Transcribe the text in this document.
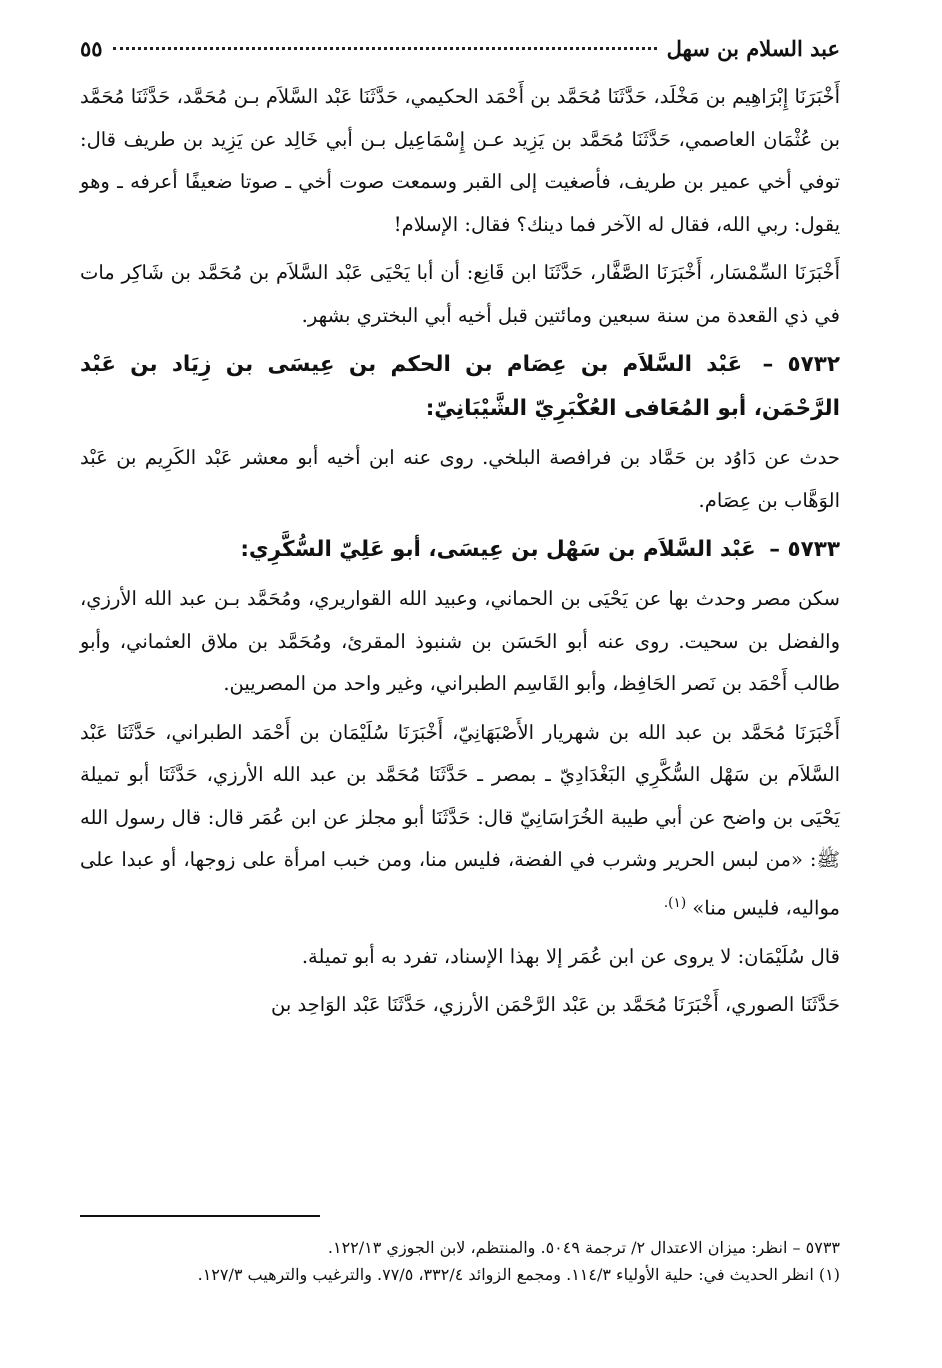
عبد السلام بن سهل
٥٥

أَخْبَرَنَا إِبْرَاهِيم بن مَخْلَد، حَدَّثَنَا مُحَمَّد بن أَحْمَد الحكيمي، حَدَّثَنَا عَبْد السَّلاَم بـن مُحَمَّد، حَدَّثَنَا مُحَمَّد بن عُثْمَان العاصمي، حَدَّثَنَا مُحَمَّد بن يَزِيد عـن إِسْمَاعِيل بـن أبي خَالِد عن يَزِيد بن طريف قال: توفي أخي عمير بن طريف، فأصغيت إلى القبر وسمعت صوت أخي ـ صوتا ضعيفًا أعرفه ـ وهو يقول: ربي الله، فقال له الآخر فما دينك؟ فقال: الإسلام!

أَخْبَرَنَا السِّمْسَار، أَخْبَرَنَا الصَّفَّار، حَدَّثَنَا ابن قَانِع: أن أبا يَحْيَى عَبْد السَّلاَم بن مُحَمَّد بن شَاكِر مات في ذي القعدة من سنة سبعين ومائتين قبل أخيه أبي البختري بشهر.

٥٧٣٢ – عَبْد السَّلاَم بن عِصَام بن الحكم بن عِيسَى بن زِيَاد بن عَبْد الرَّحْمَن، أبو المُعَافى العُكْبَرِيّ الشَّيْبَانِيّ:

حدث عن دَاوُد بن حَمَّاد بن فرافصة البلخي. روى عنه ابن أخيه أبو معشر عَبْد الكَرِيم بن عَبْد الوَهَّاب بن عِصَام.

٥٧٣٣ – عَبْد السَّلاَم بن سَهْل بن عِيسَى، أبو عَلِيّ السُّكَّرِي:

سكن مصر وحدث بها عن يَحْيَى بن الحماني، وعبيد الله القواريري، ومُحَمَّد بـن عبد الله الأرزي، والفضل بن سحيت. روى عنه أبو الحَسَن بن شنبوذ المقرئ، ومُحَمَّد بن ملاق العثماني، وأبو طالب أَحْمَد بن نَصر الحَافِظ، وأبو القَاسِم الطبراني، وغير واحد من المصريين.

أَخْبَرَنَا مُحَمَّد بن عبد الله بن شهريار الأَصْبَهَانِيّ، أَخْبَرَنَا سُلَيْمَان بن أَحْمَد الطبراني، حَدَّثَنَا عَبْد السَّلاَم بن سَهْل السُّكَّرِي البَغْدَادِيّ ـ بمصر ـ حَدَّثَنَا مُحَمَّد بن عبد الله الأرزي، حَدَّثَنَا أبو تميلة يَحْيَى بن واضح عن أبي طيبة الخُرَاسَانِيّ قال: حَدَّثَنَا أبو مجلز عن ابن عُمَر قال: قال رسول الله ﷺ: «من لبس الحرير وشرب في الفضة، فليس منا، ومن خبب امرأة على زوجها، أو عبدا على مواليه، فليس منا» $^{(١).}$

قال سُلَيْمَان: لا يروى عن ابن عُمَر إلا بهذا الإسناد، تفرد به أبو تميلة.

حَدَّثَنَا الصوري، أَخْبَرَنَا مُحَمَّد بن عَبْد الرَّحْمَن الأرزي، حَدَّثَنَا عَبْد الوَاحِد بن

٥٧٣٣ – انظر: ميزان الاعتدال ٢/ ترجمة ٥٠٤٩. والمنتظم، لابن الجوزي ١٢٢/١٣.

(١) انظر الحديث في: حلية الأولياء ١١٤/٣. ومجمع الزوائد ٣٣٢/٤، ٧٧/٥. والترغيب والترهيب ١٢٧/٣.
